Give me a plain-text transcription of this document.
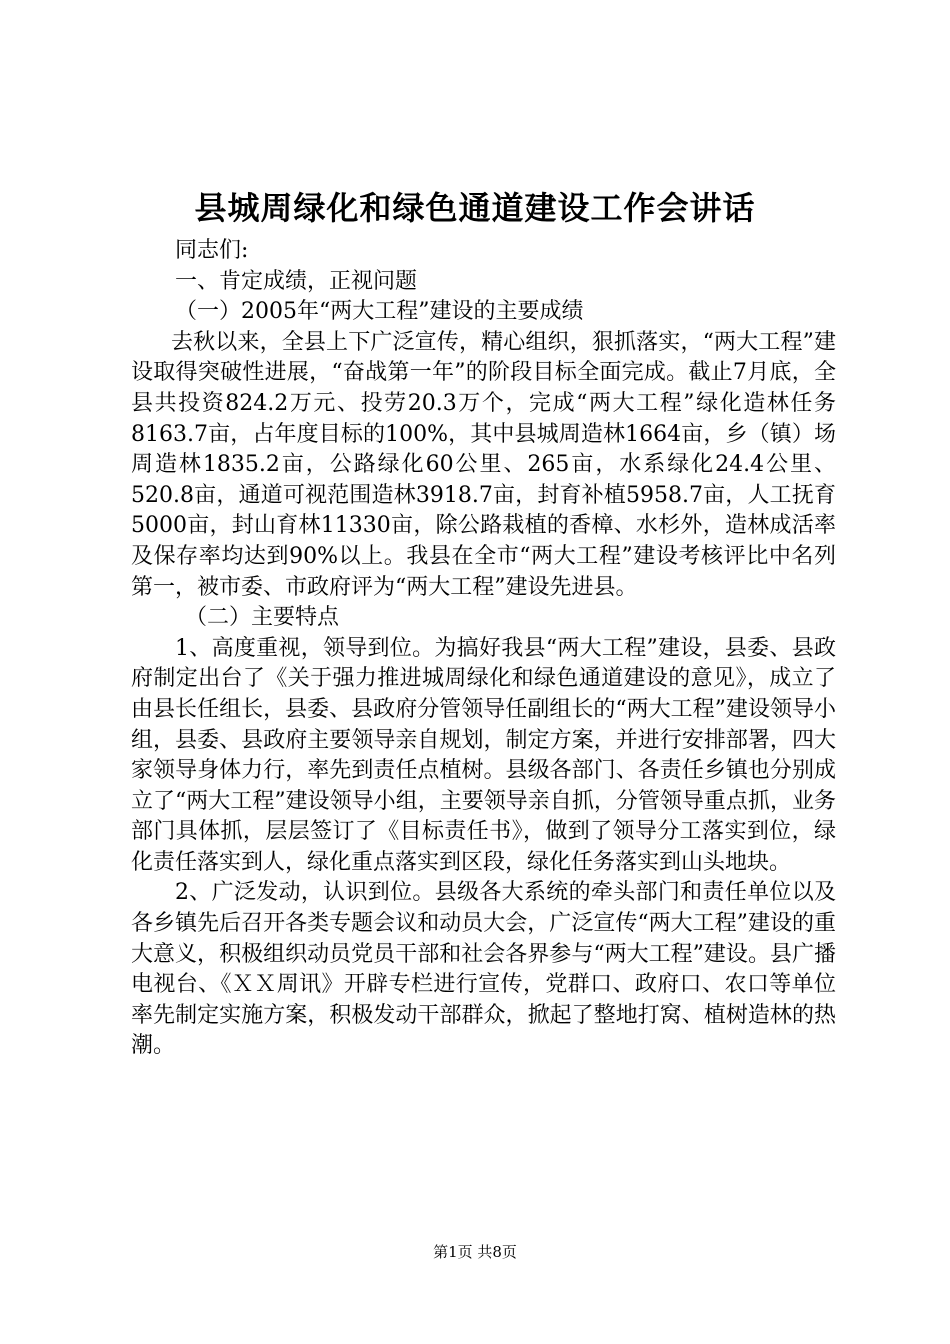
县城周绿化和绿色通道建设工作会讲话

同志们:

一、肯定成绩，正视问题

（一）2005年“两大工程”建设的主要成绩

去秋以来，全县上下广泛宣传，精心组织，狠抓落实，“两大工程”建设取得突破性进展，“奋战第一年”的阶段目标全面完成。截止7月底，全县共投资824.2万元、投劳20.3万个，完成“两大工程”绿化造林任务8163.7亩，占年度目标的100%，其中县城周造林1664亩，乡（镇）场周造林1835.2亩，公路绿化60公里、265亩，水系绿化24.4公里、520.8亩，通道可视范围造林3918.7亩，封育补植5958.7亩，人工抚育5000亩，封山育林11330亩，除公路栽植的香樟、水杉外，造林成活率及保存率均达到90%以上。我县在全市“两大工程”建设考核评比中名列第一，被市委、市政府评为“两大工程”建设先进县。

（二）主要特点

1、高度重视，领导到位。为搞好我县“两大工程”建设，县委、县政府制定出台了《关于强力推进城周绿化和绿色通道建设的意见》，成立了由县长任组长，县委、县政府分管领导任副组长的“两大工程”建设领导小组，县委、县政府主要领导亲自规划，制定方案，并进行安排部署，四大家领导身体力行，率先到责任点植树。县级各部门、各责任乡镇也分别成立了“两大工程”建设领导小组，主要领导亲自抓，分管领导重点抓，业务部门具体抓，层层签订了《目标责任书》，做到了领导分工落实到位，绿化责任落实到人，绿化重点落实到区段，绿化任务落实到山头地块。

2、广泛发动，认识到位。县级各大系统的牵头部门和责任单位以及各乡镇先后召开各类专题会议和动员大会，广泛宣传“两大工程”建设的重大意义，积极组织动员党员干部和社会各界参与“两大工程”建设。县广播电视台、《ＸＸ周讯》开辟专栏进行宣传，党群口、政府口、农口等单位率先制定实施方案，积极发动干部群众，掀起了整地打窝、植树造林的热潮。

第1页 共8页
